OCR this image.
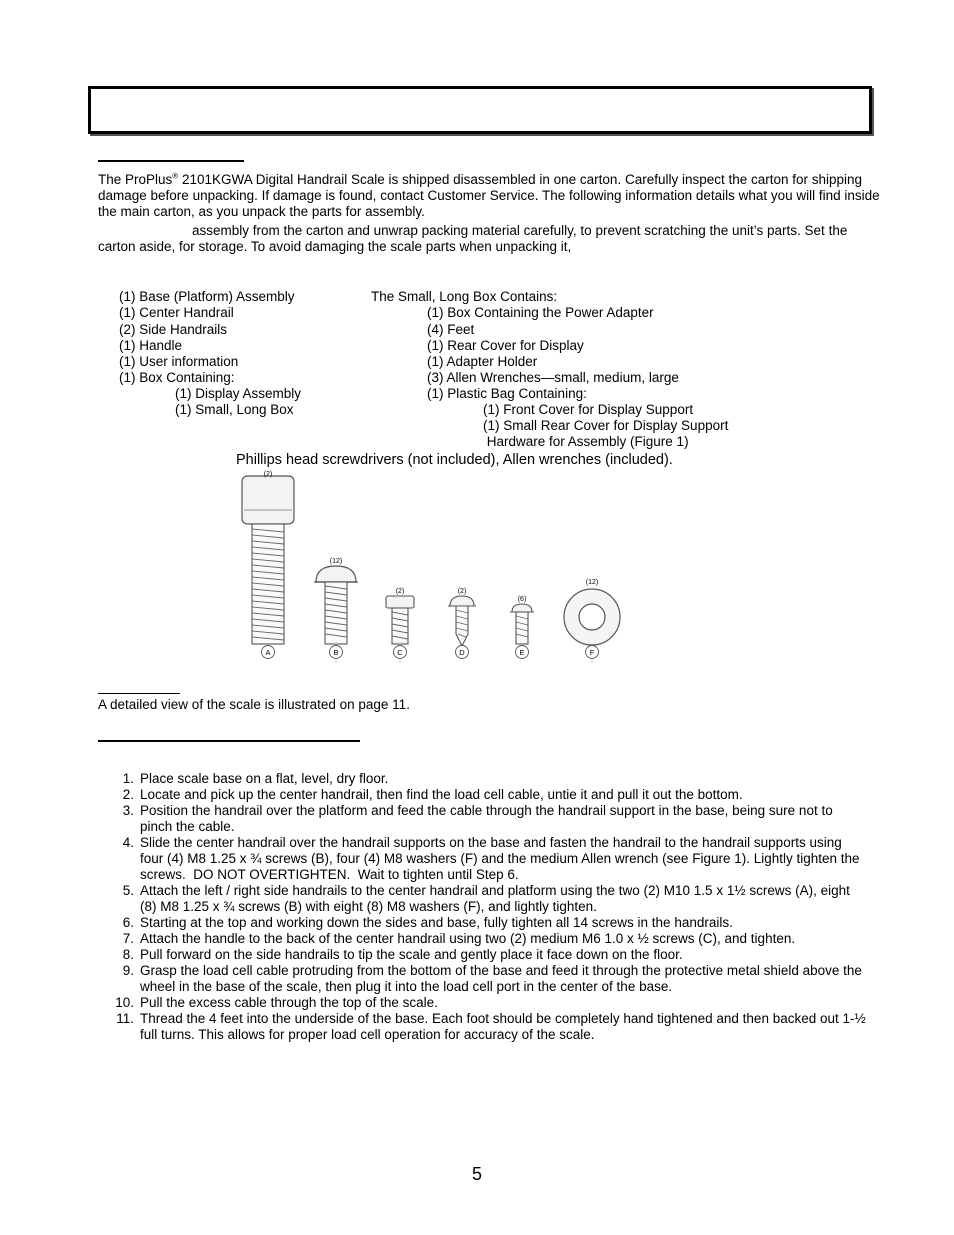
The ProPlus® 2101KGWA Digital Handrail Scale is shipped disassembled in one carton. Carefully inspect the carton for shipping damage before unpacking. If damage is found, contact Customer Service. The following information details what you will find inside the main carton, as you unpack the parts for assembly.
assembly from the carton and unwrap packing material carefully, to prevent scratching the unit’s parts. Set the carton aside, for storage. To avoid damaging the scale parts when unpacking it,
(1) Base (Platform) Assembly
(1) Center Handrail
(2) Side Handrails
(1) Handle
(1) User information
(1) Box Containing:
(1) Display Assembly
(1) Small, Long Box
The Small, Long Box Contains:
(1) Box Containing the Power Adapter
(4) Feet
(1) Rear Cover for Display
(1) Adapter Holder
(3) Allen Wrenches—small, medium, large
(1) Plastic Bag Containing:
(1) Front Cover for Display Support
(1) Small Rear Cover for Display Support
Hardware for Assembly (Figure 1)
Phillips head screwdrivers (not included), Allen wrenches (included).
(2)
(12)
(2)	(2)
(6)
(12)
A	B	C	D	E	F
A detailed view of the scale is illustrated on page 11.
1. Place scale base on a flat, level, dry floor.
2. Locate and pick up the center handrail, then find the load cell cable, untie it and pull it out the bottom.
3. Position the handrail over the platform and feed the cable through the handrail support in the base, being sure not to pinch the cable.
4. Slide the center handrail over the handrail supports on the base and fasten the handrail to the handrail supports using four (4) M8 1.25 x ¾ screws (B), four (4) M8 washers (F) and the medium Allen wrench (see Figure 1). Lightly tighten the screws.  DO NOT OVERTIGHTEN.  Wait to tighten until Step 6.
5. Attach the left / right side handrails to the center handrail and platform using the two (2) M10 1.5 x 1½ screws (A), eight (8) M8 1.25 x ¾ screws (B) with eight (8) M8 washers (F), and lightly tighten.
6. Starting at the top and working down the sides and base, fully tighten all 14 screws in the handrails.
7. Attach the handle to the back of the center handrail using two (2) medium M6 1.0 x ½ screws (C), and tighten.
8. Pull forward on the side handrails to tip the scale and gently place it face down on the floor.
9. Grasp the load cell cable protruding from the bottom of the base and feed it through the protective metal shield above the wheel in the base of the scale, then plug it into the load cell port in the center of the base.
10. Pull the excess cable through the top of the scale.
11. Thread the 4 feet into the underside of the base. Each foot should be completely hand tightened and then backed out 1-½ full turns. This allows for proper load cell operation for accuracy of the scale.
5
